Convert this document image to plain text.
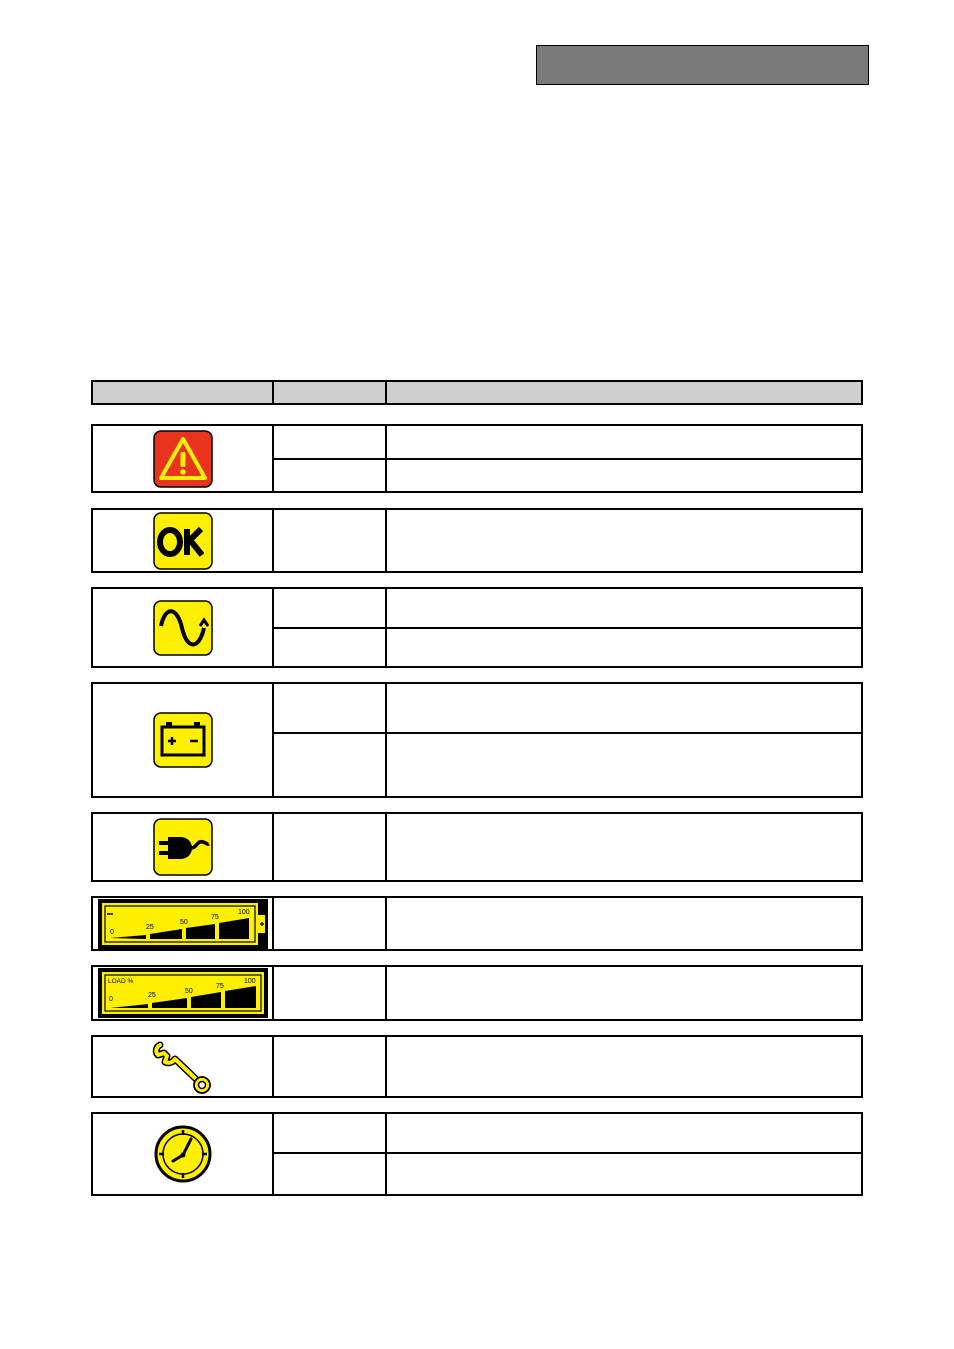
0
25
50
75
100
LOAD %
0
25
50
75
100
